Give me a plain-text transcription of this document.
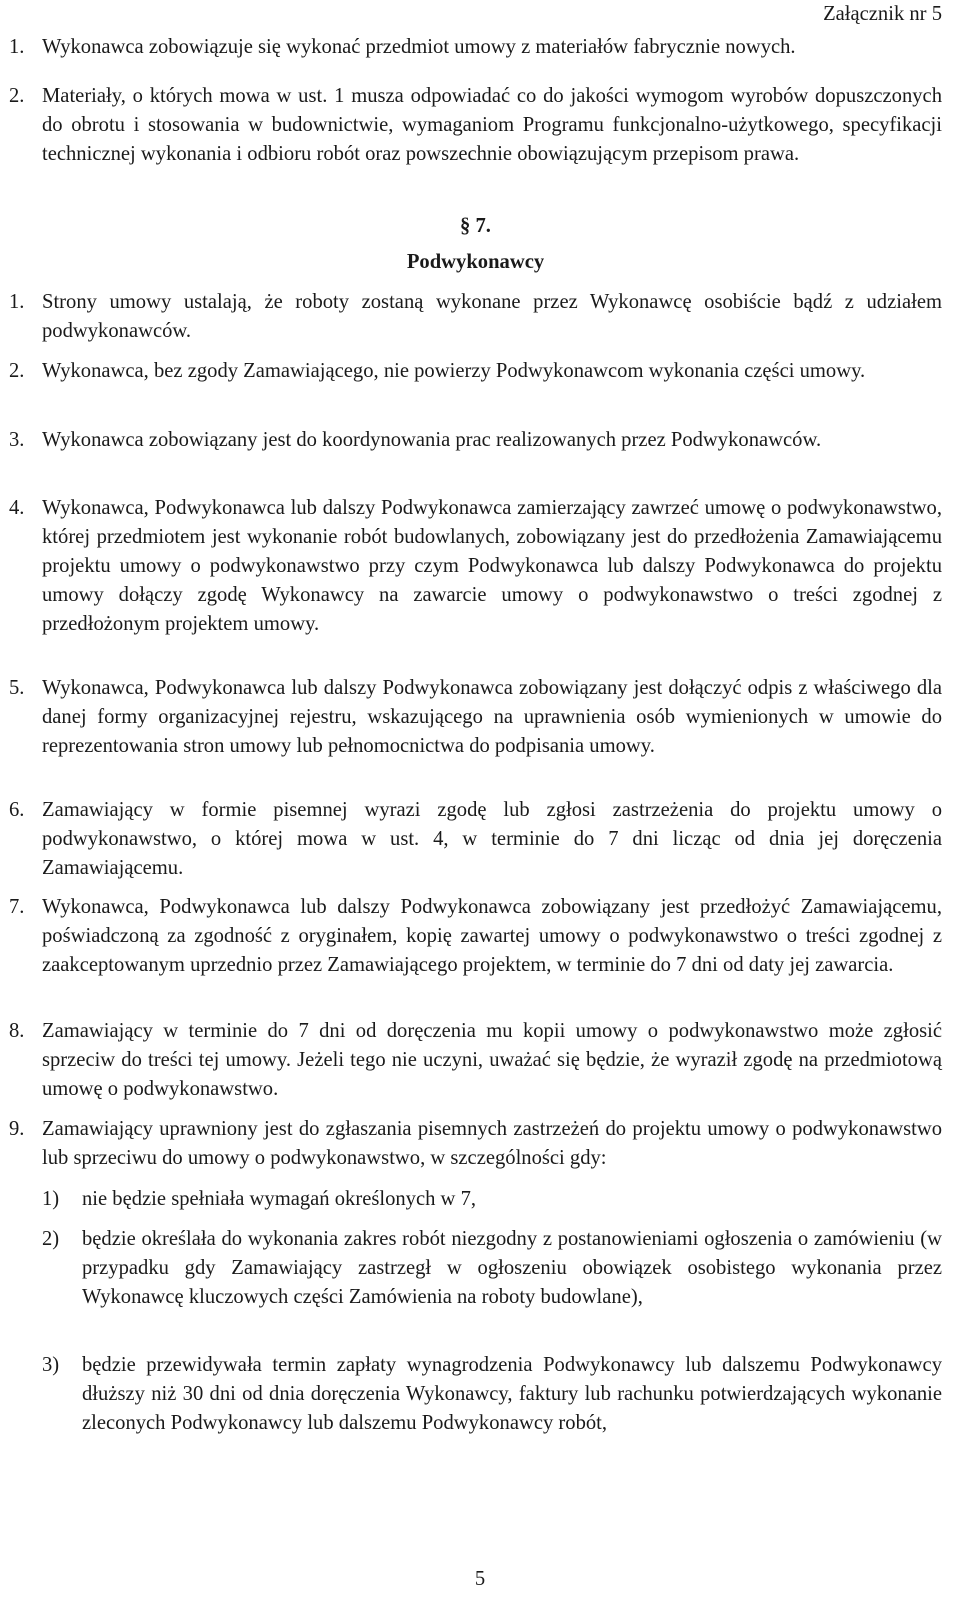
Załącznik nr 5
1. Wykonawca zobowiązuje się wykonać przedmiot umowy z materiałów fabrycznie nowych.
2. Materiały, o których mowa w ust. 1 musza odpowiadać co do jakości wymogom wyrobów dopuszczonych do obrotu i stosowania w budownictwie, wymaganiom Programu funkcjonalno-użytkowego, specyfikacji technicznej wykonania i odbioru robót oraz powszechnie obowiązującym przepisom prawa.
§ 7.
Podwykonawcy
1. Strony umowy ustalają, że roboty zostaną wykonane przez Wykonawcę osobiście bądź z udziałem podwykonawców.
2. Wykonawca, bez zgody Zamawiającego, nie powierzy Podwykonawcom wykonania części umowy.
3. Wykonawca zobowiązany jest do koordynowania prac realizowanych przez Podwykonawców.
4. Wykonawca, Podwykonawca lub dalszy Podwykonawca zamierzający zawrzeć umowę o podwykonawstwo, której przedmiotem jest wykonanie robót budowlanych, zobowiązany jest do przedłożenia Zamawiającemu projektu umowy o podwykonawstwo przy czym Podwykonawca lub dalszy Podwykonawca do projektu umowy dołączy zgodę Wykonawcy na zawarcie umowy o podwykonawstwo o treści zgodnej z przedłożonym projektem umowy.
5. Wykonawca, Podwykonawca lub dalszy Podwykonawca zobowiązany jest dołączyć odpis z właściwego dla danej formy organizacyjnej rejestru, wskazującego na uprawnienia osób wymienionych w umowie do reprezentowania stron umowy lub pełnomocnictwa do podpisania umowy.
6. Zamawiający w formie pisemnej wyrazi zgodę lub zgłosi zastrzeżenia do projektu umowy o podwykonawstwo, o której mowa w ust. 4, w terminie do 7 dni licząc od dnia jej doręczenia Zamawiającemu.
7. Wykonawca, Podwykonawca lub dalszy Podwykonawca zobowiązany jest przedłożyć Zamawiającemu, poświadczoną za zgodność z oryginałem, kopię zawartej umowy o podwykonawstwo o treści zgodnej z zaakceptowanym uprzednio przez Zamawiającego projektem, w terminie do 7 dni od daty jej zawarcia.
8. Zamawiający w terminie do 7 dni od doręczenia mu kopii umowy o podwykonawstwo może zgłosić sprzeciw do treści tej umowy. Jeżeli tego nie uczyni, uważać się będzie, że wyraził zgodę na przedmiotową umowę o podwykonawstwo.
9. Zamawiający uprawniony jest do zgłaszania pisemnych zastrzeżeń do projektu umowy o podwykonawstwo lub sprzeciwu do umowy o podwykonawstwo, w szczególności gdy:
1) nie będzie spełniała wymagań określonych w 7,
2) będzie określała do wykonania zakres robót niezgodny z postanowieniami ogłoszenia o zamówieniu (w przypadku gdy Zamawiający zastrzegł w ogłoszeniu obowiązek osobistego wykonania przez Wykonawcę kluczowych części Zamówienia na roboty budowlane),
3) będzie przewidywała termin zapłaty wynagrodzenia Podwykonawcy lub dalszemu Podwykonawcy dłuższy niż 30 dni od dnia doręczenia Wykonawcy, faktury lub rachunku potwierdzających wykonanie zleconych Podwykonawcy lub dalszemu Podwykonawcy robót,
5
